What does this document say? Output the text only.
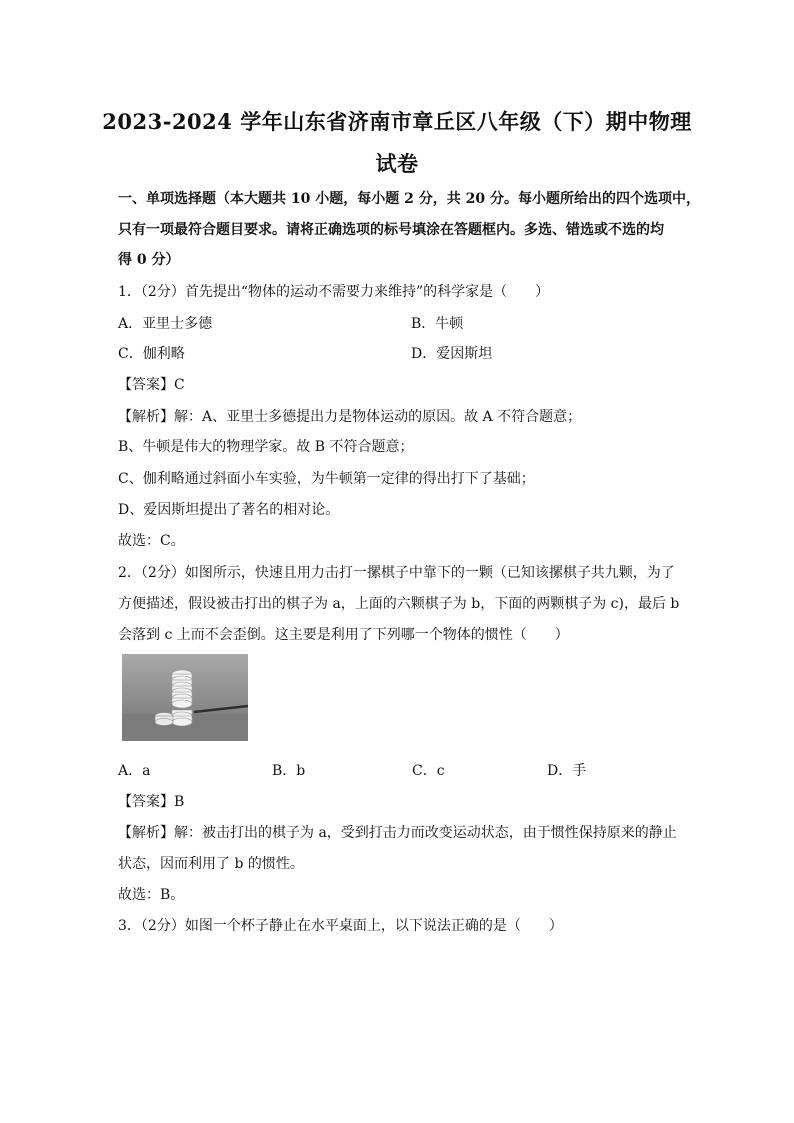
2023-2024 学年山东省济南市章丘区八年级（下）期中物理
试卷
一、单项选择题（本大题共 10 小题，每小题 2 分，共 20 分。每小题所给出的四个选项中，
只有一项最符合题目要求。请将正确选项的标号填涂在答题框内。多选、错选或不选的均
得 0 分）
1．（2分）首先提出“物体的运动不需要力来维持”的科学家是（　　）
A．亚里士多德	B．牛顿
C．伽利略	D．爱因斯坦
【答案】C
【解析】解：A、亚里士多德提出力是物体运动的原因。故 A 不符合题意；
B、牛顿是伟大的物理学家。故 B 不符合题意；
C、伽利略通过斜面小车实验，为牛顿第一定律的得出打下了基础；
D、爱因斯坦提出了著名的相对论。
故选：C。
2．（2分）如图所示，快速且用力击打一摞棋子中靠下的一颗（已知该摞棋子共九颗，为了
方便描述，假设被击打出的棋子为 a，上面的六颗棋子为 b，下面的两颗棋子为 c)，最后 b
会落到 c 上而不会歪倒。这主要是利用了下列哪一个物体的惯性（　　）
A．a	B．b	C．c	D．手
【答案】B
【解析】解：被击打出的棋子为 a，受到打击力而改变运动状态，由于惯性保持原来的静止
状态，因而利用了 b 的惯性。
故选：B。
3．（2分）如图一个杯子静止在水平桌面上，以下说法正确的是（　　）
